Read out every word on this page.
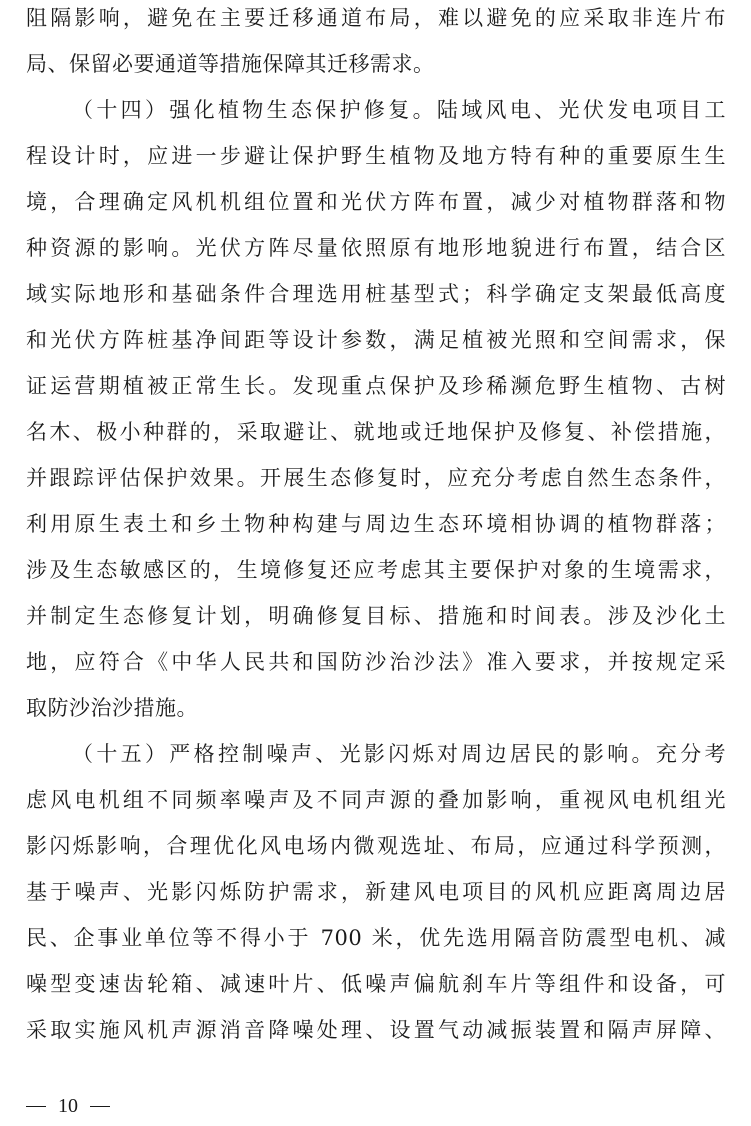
阻隔影响，避免在主要迁移通道布局，难以避免的应采取非连片布
局、保留必要通道等措施保障其迁移需求。
（十四）强化植物生态保护修复。陆域风电、光伏发电项目工
程设计时，应进一步避让保护野生植物及地方特有种的重要原生生
境，合理确定风机机组位置和光伏方阵布置，减少对植物群落和物
种资源的影响。光伏方阵尽量依照原有地形地貌进行布置，结合区
域实际地形和基础条件合理选用桩基型式；科学确定支架最低高度
和光伏方阵桩基净间距等设计参数，满足植被光照和空间需求，保
证运营期植被正常生长。发现重点保护及珍稀濒危野生植物、古树
名木、极小种群的，采取避让、就地或迁地保护及修复、补偿措施，
并跟踪评估保护效果。开展生态修复时，应充分考虑自然生态条件，
利用原生表土和乡土物种构建与周边生态环境相协调的植物群落；
涉及生态敏感区的，生境修复还应考虑其主要保护对象的生境需求，
并制定生态修复计划，明确修复目标、措施和时间表。涉及沙化土
地，应符合《中华人民共和国防沙治沙法》准入要求，并按规定采
取防沙治沙措施。
（十五）严格控制噪声、光影闪烁对周边居民的影响。充分考
虑风电机组不同频率噪声及不同声源的叠加影响，重视风电机组光
影闪烁影响，合理优化风电场内微观选址、布局，应通过科学预测，
基于噪声、光影闪烁防护需求，新建风电项目的风机应距离周边居
民、企事业单位等不得小于 700 米，优先选用隔音防震型电机、减
噪型变速齿轮箱、减速叶片、低噪声偏航刹车片等组件和设备，可
采取实施风机声源消音降噪处理、设置气动减振装置和隔声屏障、
10
